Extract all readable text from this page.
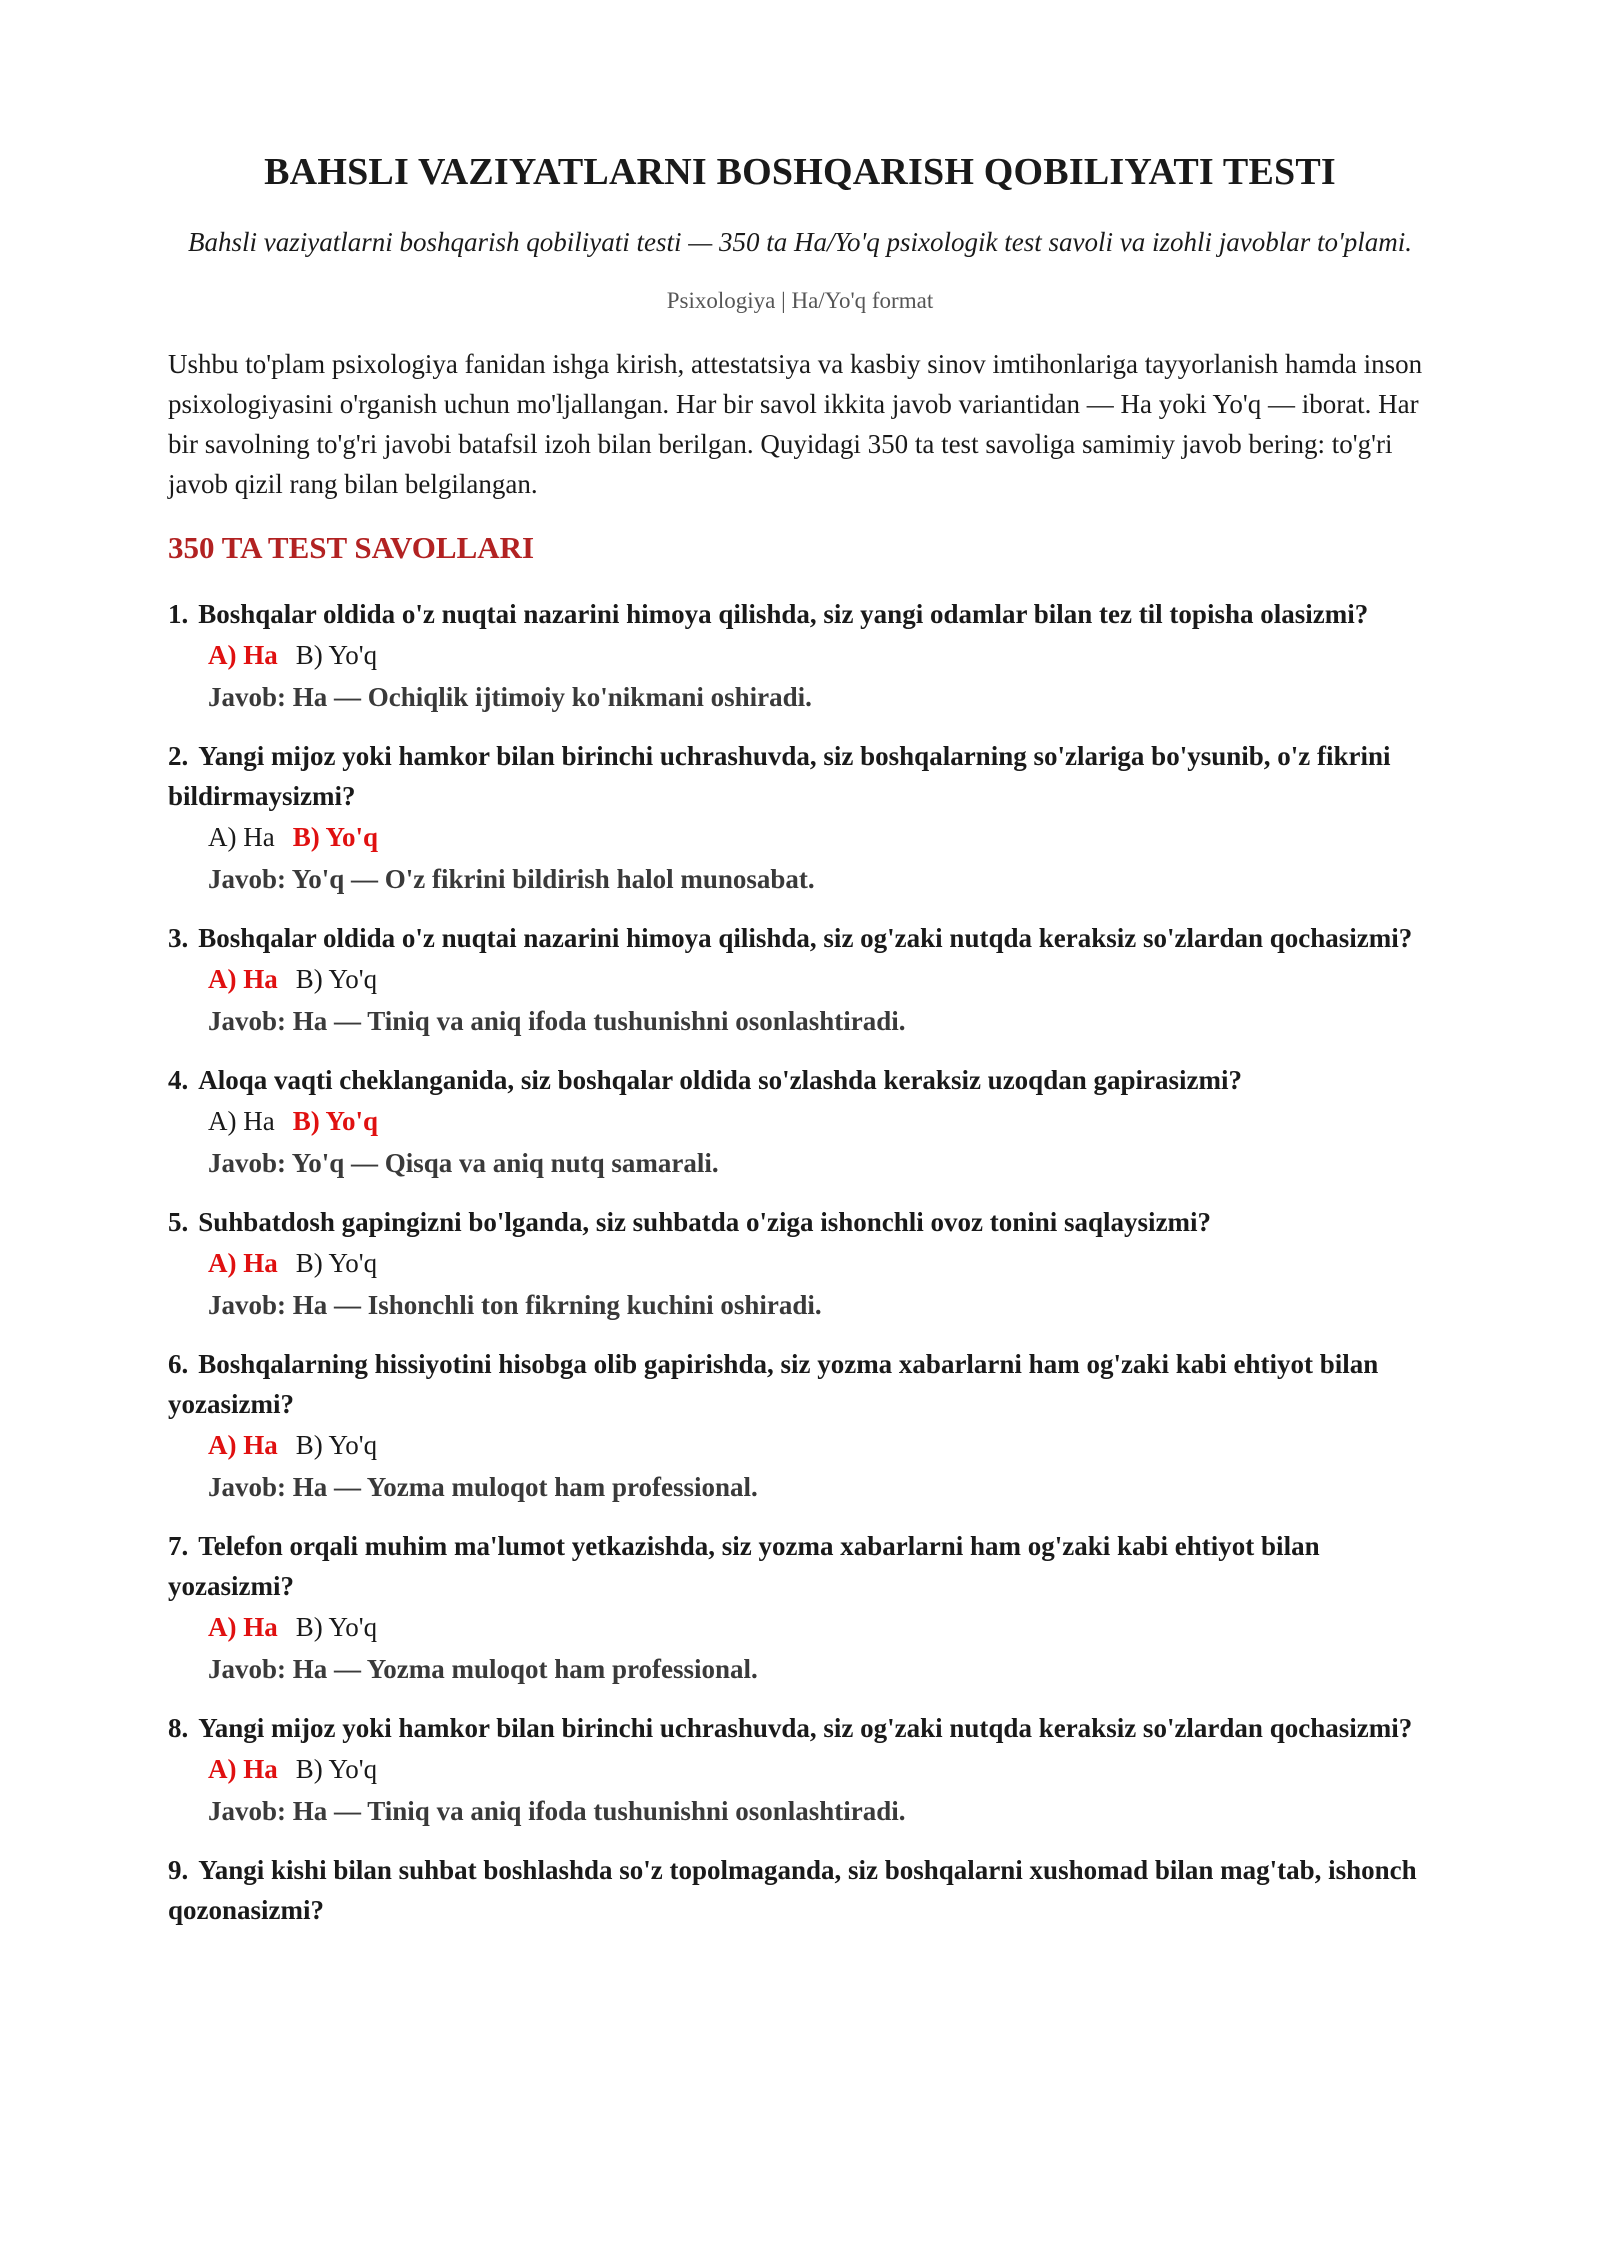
BAHSLI VAZIYATLARNI BOSHQARISH QOBILIYATI TESTI

Bahsli vaziyatlarni boshqarish qobiliyati testi — 350 ta Ha/Yo'q psixologik test savoli va izohli javoblar to'plami.

Psixologiya | Ha/Yo'q format

Ushbu to'plam psixologiya fanidan ishga kirish, attestatsiya va kasbiy sinov imtihonlariga tayyorlanish hamda inson psixologiyasini o'rganish uchun mo'ljallangan. Har bir savol ikkita javob variantidan — Ha yoki Yo'q — iborat. Har bir savolning to'g'ri javobi batafsil izoh bilan berilgan. Quyidagi 350 ta test savoliga samimiy javob bering: to'g'ri javob qizil rang bilan belgilangan.

350 TA TEST SAVOLLARI

1. Boshqalar oldida o'z nuqtai nazarini himoya qilishda, siz yangi odamlar bilan tez til topisha olasizmi?

A) Ha B) Yo'q
Javob: Ha — Ochiqlik ijtimoiy ko'nikmani oshiradi.

2. Yangi mijoz yoki hamkor bilan birinchi uchrashuvda, siz boshqalarning so'zlariga bo'ysunib, o'z fikrini bildirmaysizmi?

A) Ha B) Yo'q
Javob: Yo'q — O'z fikrini bildirish halol munosabat.

3. Boshqalar oldida o'z nuqtai nazarini himoya qilishda, siz og'zaki nutqda keraksiz so'zlardan qochasizmi?

A) Ha B) Yo'q
Javob: Ha — Tiniq va aniq ifoda tushunishni osonlashtiradi.

4. Aloqa vaqti cheklanganida, siz boshqalar oldida so'zlashda keraksiz uzoqdan gapirasizmi?

A) Ha B) Yo'q
Javob: Yo'q — Qisqa va aniq nutq samarali.

5. Suhbatdosh gapingizni bo'lganda, siz suhbatda o'ziga ishonchli ovoz tonini saqlaysizmi?

A) Ha B) Yo'q
Javob: Ha — Ishonchli ton fikrning kuchini oshiradi.

6. Boshqalarning hissiyotini hisobga olib gapirishda, siz yozma xabarlarni ham og'zaki kabi ehtiyot bilan yozasizmi?

A) Ha B) Yo'q
Javob: Ha — Yozma muloqot ham professional.

7. Telefon orqali muhim ma'lumot yetkazishda, siz yozma xabarlarni ham og'zaki kabi ehtiyot bilan yozasizmi?

A) Ha B) Yo'q
Javob: Ha — Yozma muloqot ham professional.

8. Yangi mijoz yoki hamkor bilan birinchi uchrashuvda, siz og'zaki nutqda keraksiz so'zlardan qochasizmi?

A) Ha B) Yo'q
Javob: Ha — Tiniq va aniq ifoda tushunishni osonlashtiradi.

9. Yangi kishi bilan suhbat boshlashda so'z topolmaganda, siz boshqalarni xushomad bilan mag'tab, ishonch qozonasizmi?
